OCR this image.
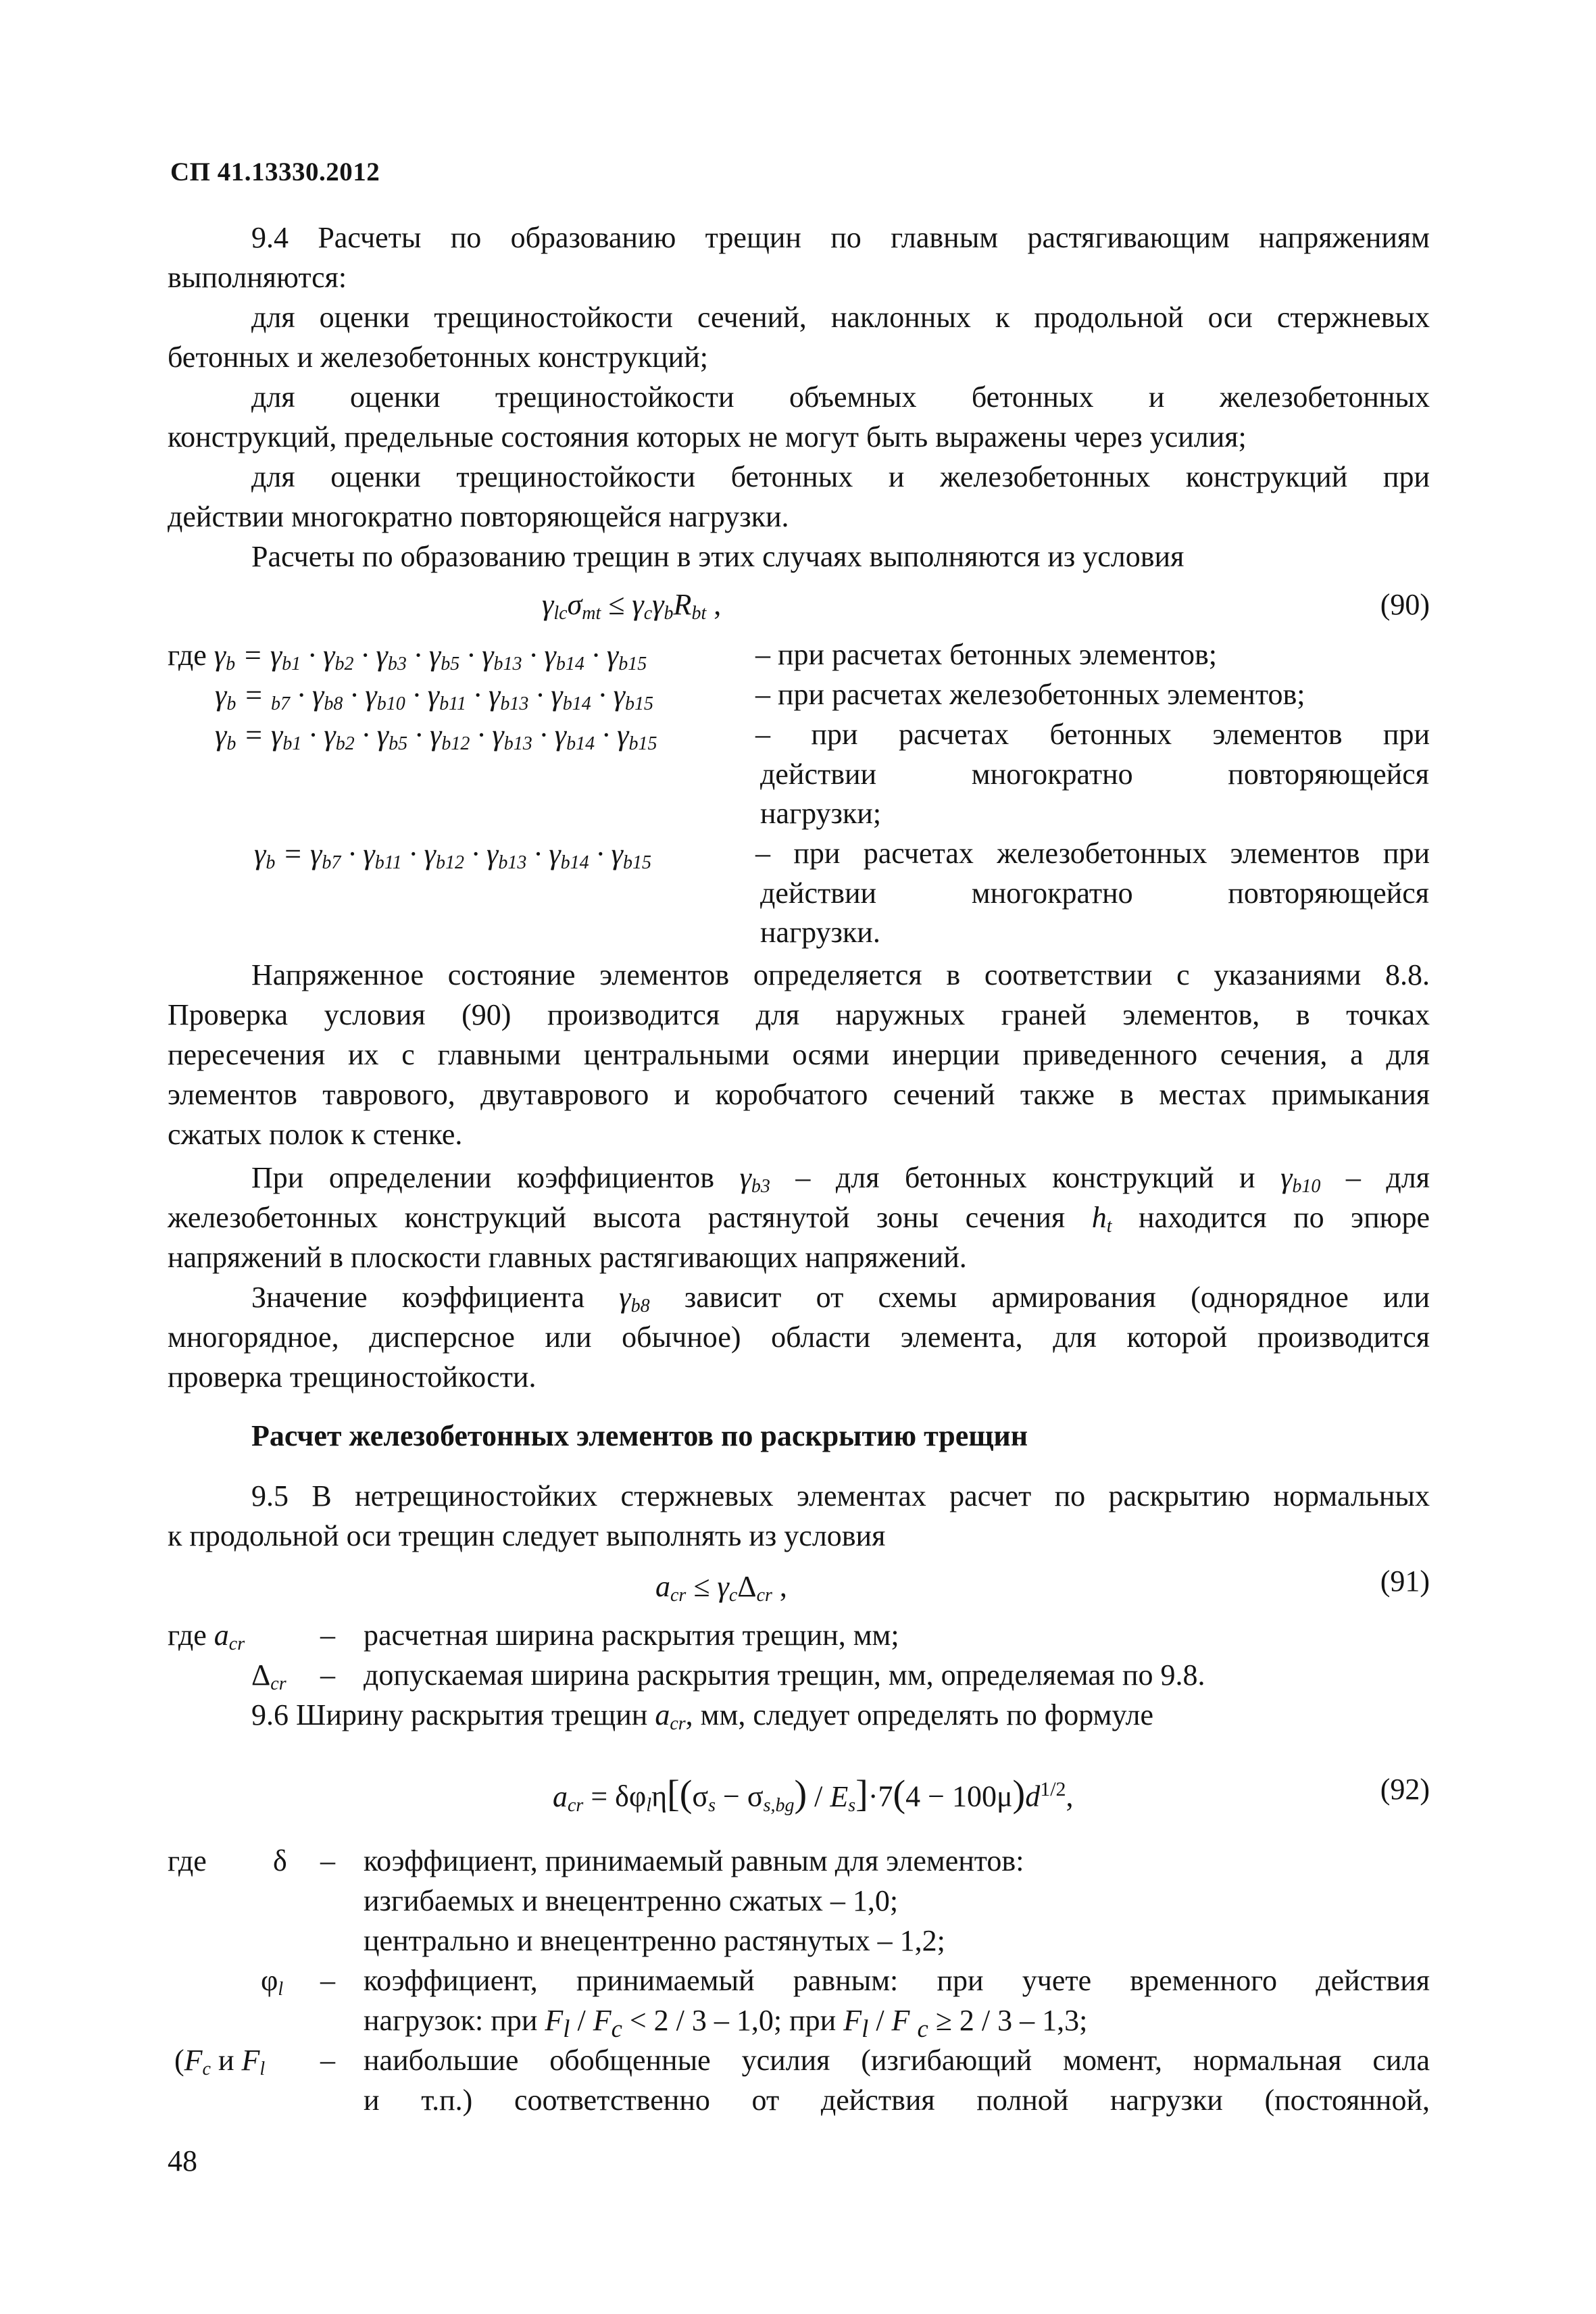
СП 41.13330.2012
9.4 Расчеты по образованию трещин по главным растягивающим напряжениям
выполняются:
для оценки трещиностойкости сечений, наклонных к продольной оси стержневых
бетонных и железобетонных конструкций;
для оценки трещиностойкости объемных бетонных и железобетонных
конструкций, предельные состояния которых не могут быть выражены через усилия;
для оценки трещиностойкости бетонных и железобетонных конструкций при
действии многократно повторяющейся нагрузки.
Расчеты по образованию трещин в этих случаях выполняются из условия
$\gamma_{lc}\sigma_{mt} \le \gamma_c\gamma_bR_{bt}$ ,	(90)
где $\gamma_b = \gamma_{b1} \cdot \gamma_{b2} \cdot \gamma_{b3} \cdot \gamma_{b5} \cdot \gamma_{b13} \cdot \gamma_{b14} \cdot \gamma_{b15}$	– при расчетах бетонных элементов;
$\gamma_b = _{b7} \cdot \gamma_{b8} \cdot \gamma_{b10} \cdot \gamma_{b11} \cdot \gamma_{b13} \cdot \gamma_{b14} \cdot \gamma_{b15}$	– при расчетах железобетонных элементов;
$\gamma_b = \gamma_{b1} \cdot \gamma_{b2} \cdot \gamma_{b5} \cdot \gamma_{b12} \cdot \gamma_{b13} \cdot \gamma_{b14} \cdot \gamma_{b15}$	– при расчетах бетонных элементов при
действии многократно повторяющейся
нагрузки;
$\gamma_b = \gamma_{b7} \cdot \gamma_{b11} \cdot \gamma_{b12} \cdot \gamma_{b13} \cdot \gamma_{b14} \cdot \gamma_{b15}$	– при расчетах железобетонных элементов при
действии многократно повторяющейся
нагрузки.
Напряженное состояние элементов определяется в соответствии с указаниями 8.8.
Проверка условия (90) производится для наружных граней элементов, в точках
пересечения их с главными центральными осями инерции приведенного сечения, а для
элементов таврового, двутаврового и коробчатого сечений также в местах примыкания
сжатых полок к стенке.
При определении коэффициентов $\gamma_{b3}$ – для бетонных конструкций и $\gamma_{b10}$ – для
железобетонных конструкций высота растянутой зоны сечения $h_t$ находится по эпюре
напряжений в плоскости главных растягивающих напряжений.
Значение коэффициента $\gamma_{b8}$ зависит от схемы армирования (однорядное или
многорядное, дисперсное или обычное) области элемента, для которой производится
проверка трещиностойкости.
Расчет железобетонных элементов по раскрытию трещин
9.5 В нетрещиностойких стержневых элементах расчет по раскрытию нормальных
к продольной оси трещин следует выполнять из условия
$a_{cr} \le \gamma_c\Delta_{cr}$ ,	(91)
где $a_{cr}$	– расчетная ширина раскрытия трещин, мм;
$\Delta_{cr}$ – допускаемая ширина раскрытия трещин, мм, определяемая по 9.8.
9.6 Ширину раскрытия трещин $a_{cr}$, мм, следует определять по формуле
$a_{cr} = \delta\varphi_l\eta[(\sigma_s - \sigma_{s,bg}) / E_s]\cdot 7(4 - 100\mu)d^{1/2}$,	(92)
где δ – коэффициент, принимаемый равным для элементов:
изгибаемых и внецентренно сжатых – 1,0;
центрально и внецентренно растянутых – 1,2;
φl – коэффициент, принимаемый равным: при учете временного действия
нагрузок: при $F_l / F_c < 2 / 3 - 1,0$; при $F_l$ / F $_c$ ≥ 2 / 3 – 1,3;
($F_c$ и $F_l$ – наибольшие обобщенные усилия (изгибающий момент, нормальная сила
и т.п.) соответственно от действия полной нагрузки (постоянной,
48
